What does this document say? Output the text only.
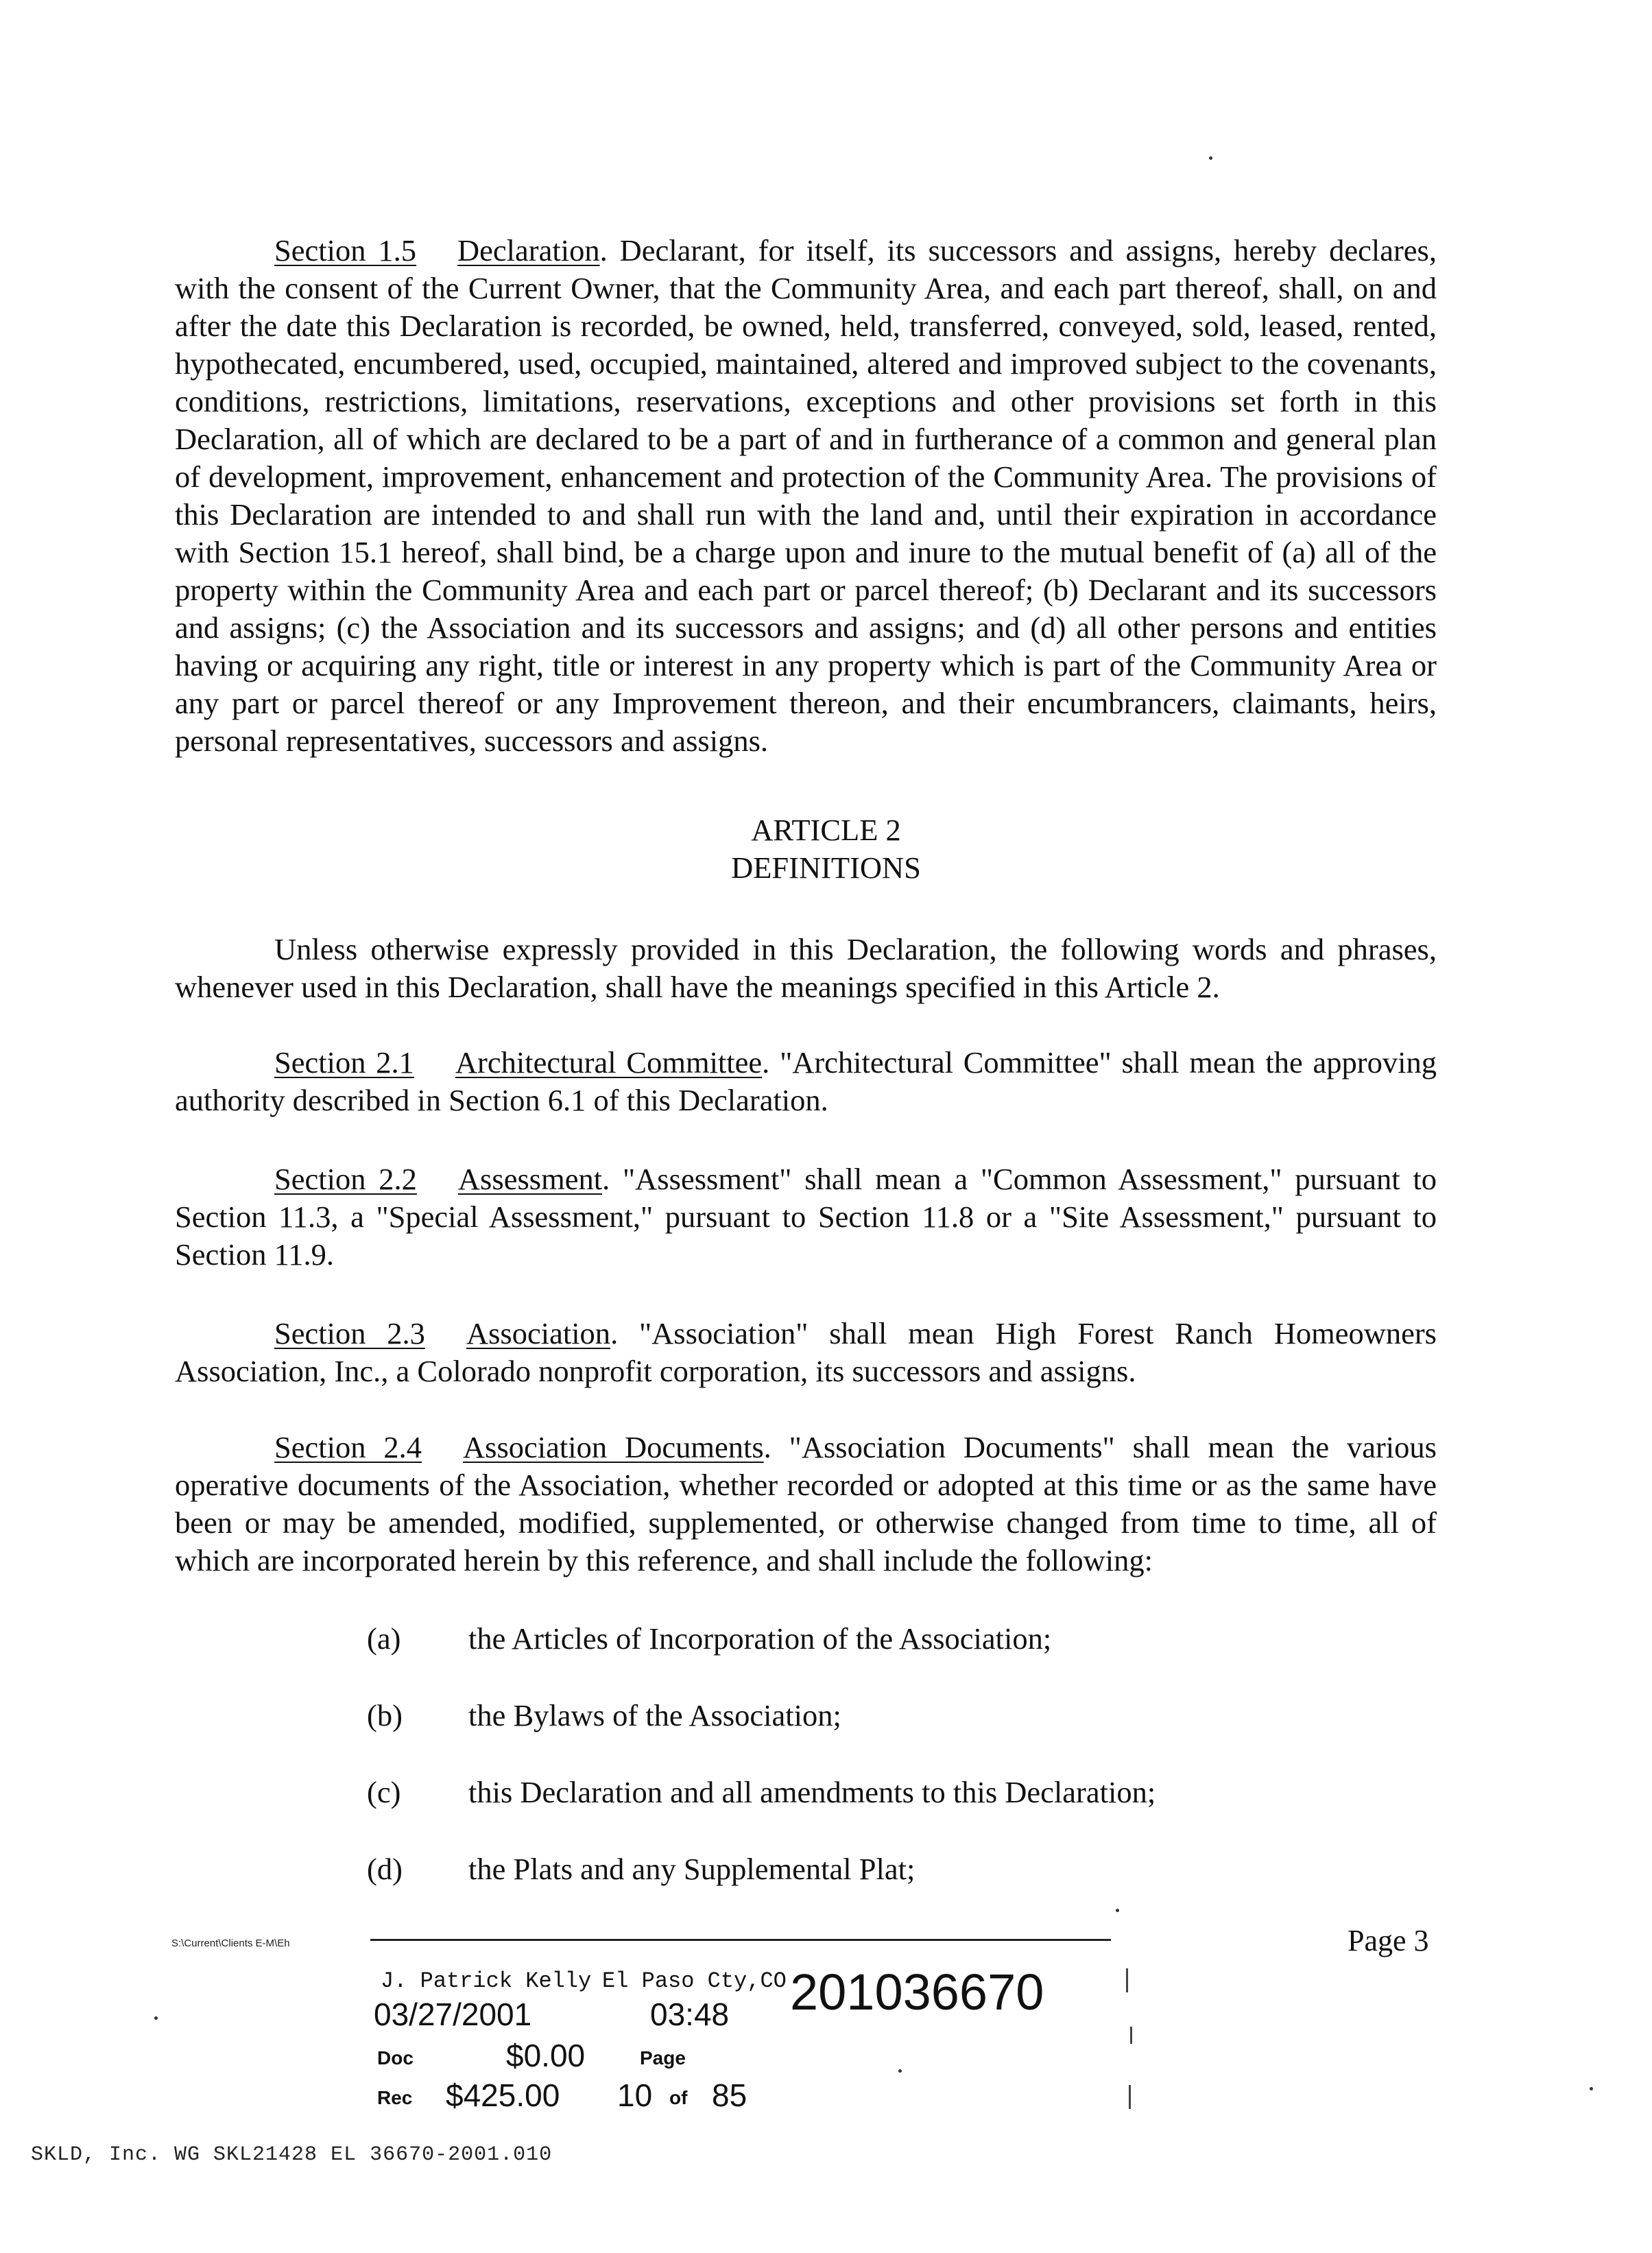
Section 1.5 Declaration. Declarant, for itself, its successors and assigns, hereby declares, with the consent of the Current Owner, that the Community Area, and each part thereof, shall, on and after the date this Declaration is recorded, be owned, held, transferred, conveyed, sold, leased, rented, hypothecated, encumbered, used, occupied, maintained, altered and improved subject to the covenants, conditions, restrictions, limitations, reservations, exceptions and other provisions set forth in this Declaration, all of which are declared to be a part of and in furtherance of a common and general plan of development, improvement, enhancement and protection of the Community Area. The provisions of this Declaration are intended to and shall run with the land and, until their expiration in accordance with Section 15.1 hereof, shall bind, be a charge upon and inure to the mutual benefit of (a) all of the property within the Community Area and each part or parcel thereof; (b) Declarant and its successors and assigns; (c) the Association and its successors and assigns; and (d) all other persons and entities having or acquiring any right, title or interest in any property which is part of the Community Area or any part or parcel thereof or any Improvement thereon, and their encumbrancers, claimants, heirs, personal representatives, successors and assigns.

ARTICLE 2

DEFINITIONS

Unless otherwise expressly provided in this Declaration, the following words and phrases, whenever used in this Declaration, shall have the meanings specified in this Article 2.

Section 2.1 Architectural Committee. "Architectural Committee" shall mean the approving authority described in Section 6.1 of this Declaration.

Section 2.2 Assessment. "Assessment" shall mean a "Common Assessment," pursuant to Section 11.3, a "Special Assessment," pursuant to Section 11.8 or a "Site Assessment," pursuant to Section 11.9.

Section 2.3 Association. "Association" shall mean High Forest Ranch Homeowners Association, Inc., a Colorado nonprofit corporation, its successors and assigns.

Section 2.4 Association Documents. "Association Documents" shall mean the various operative documents of the Association, whether recorded or adopted at this time or as the same have been or may be amended, modified, supplemented, or otherwise changed from time to time, all of which are incorporated herein by this reference, and shall include the following:

(a) the Articles of Incorporation of the Association;

(b) the Bylaws of the Association;

(c) this Declaration and all amendments to this Declaration;

(d) the Plats and any Supplemental Plat;

S:\Current\Clients E-M\Eh	Page 3
J. Patrick Kelly El Paso Cty,CO 201036670
03/27/2001	03:48
Doc	$0.00	Page
Rec $425.00 10 of 85
SKLD, Inc. WG SKL21428 EL 36670-2001.010
